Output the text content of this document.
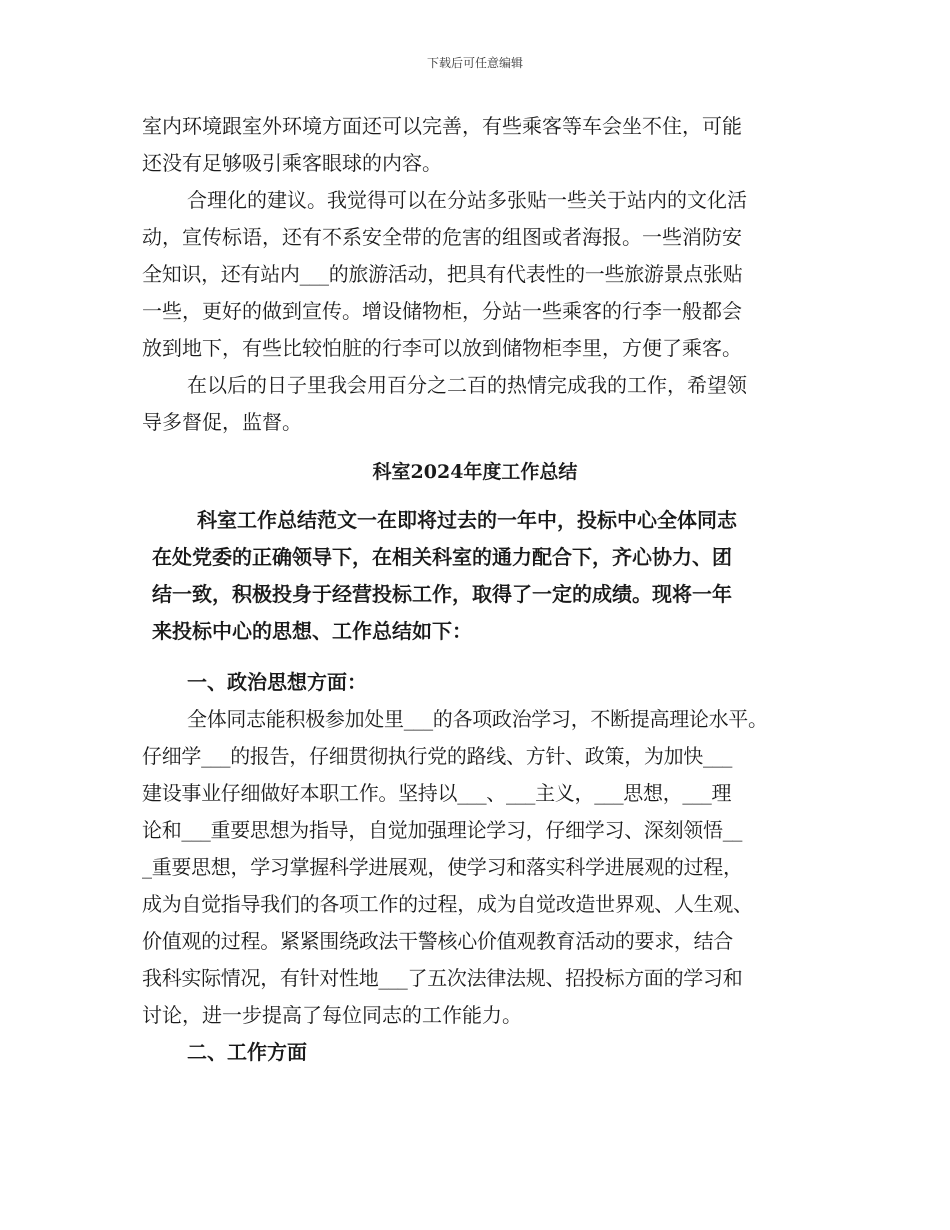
下载后可任意编辑
室内环境跟室外环境方面还可以完善，有些乘客等车会坐不住，可能
还没有足够吸引乘客眼球的内容。
合理化的建议。我觉得可以在分站多张贴一些关于站内的文化活
动，宣传标语，还有不系安全带的危害的组图或者海报。一些消防安
全知识，还有站内___的旅游活动，把具有代表性的一些旅游景点张贴
一些，更好的做到宣传。增设储物柜，分站一些乘客的行李一般都会
放到地下，有些比较怕脏的行李可以放到储物柜李里，方便了乘客。
在以后的日子里我会用百分之二百的热情完成我的工作，希望领
导多督促，监督。
科室2024年度工作总结
科室工作总结范文一在即将过去的一年中，投标中心全体同志
在处党委的正确领导下，在相关科室的通力配合下，齐心协力、团
结一致，积极投身于经营投标工作，取得了一定的成绩。现将一年
来投标中心的思想、工作总结如下：
一、政治思想方面：
全体同志能积极参加处里___的各项政治学习，不断提高理论水平。
仔细学___的报告，仔细贯彻执行党的路线、方针、政策，为加快___
建设事业仔细做好本职工作。坚持以___、___主义，___思想，___理
论和___重要思想为指导，自觉加强理论学习，仔细学习、深刻领悟__
_重要思想，学习掌握科学进展观，使学习和落实科学进展观的过程，
成为自觉指导我们的各项工作的过程，成为自觉改造世界观、人生观、
价值观的过程。紧紧围绕政法干警核心价值观教育活动的要求，结合
我科实际情况，有针对性地___了五次法律法规、招投标方面的学习和
讨论，进一步提高了每位同志的工作能力。
二、工作方面
